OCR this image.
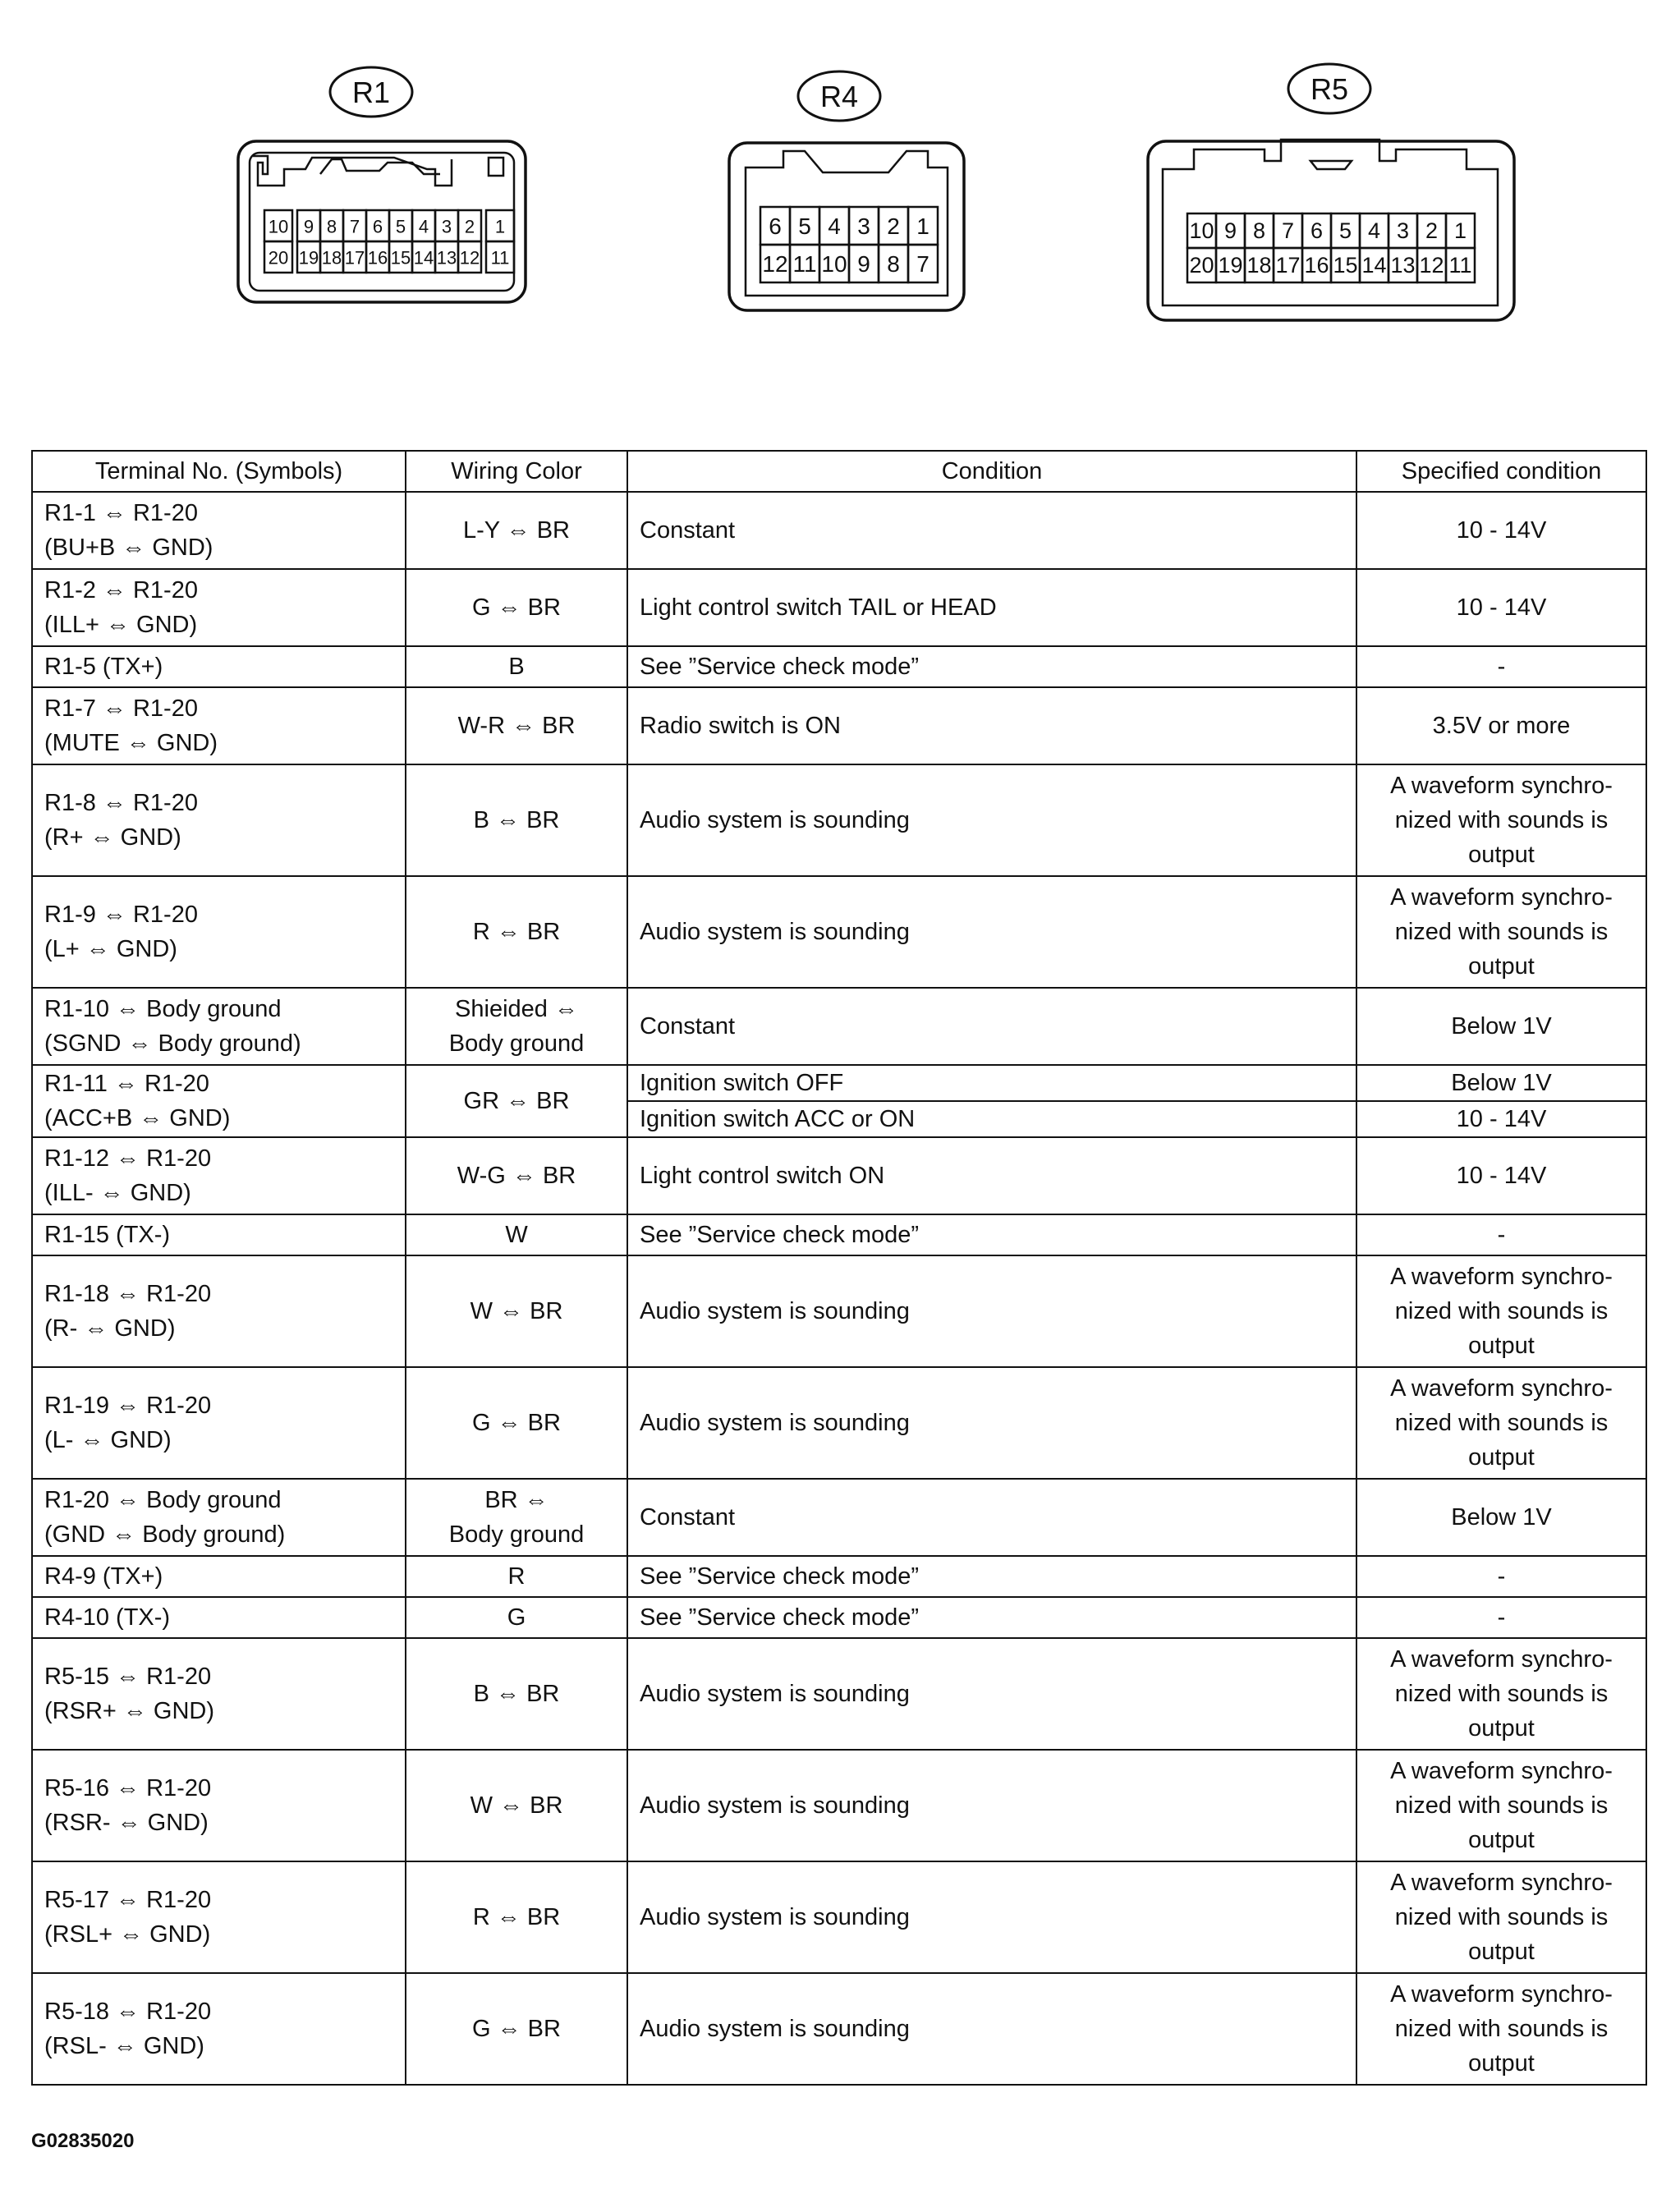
R1
10 9 8 7 6 5 4 3 2 1
20 19 18 17 16 15 14 13 12 11
R4
6 5 4 3 2 1
12 11 10 9 8 7
R5
10 9 8 7 6 5 4 3 2 1
20 19 18 17 16 15 14 13 12 11
Terminal No. (Symbols)	Wiring Color	Condition	Specified condition

R1-1 ⇔ R1-20
(BU+B ⇔ GND)	L-Y ⇔ BR	Constant	10 - 14V

R1-2 ⇔ R1-20
(ILL+ ⇔ GND)	G ⇔ BR	Light control switch TAIL or HEAD	10 - 14V

R1-5 (TX+)	B	See ”Service check mode”	-

R1-7 ⇔ R1-20
(MUTE ⇔ GND)	W-R ⇔ BR	Radio switch is ON	3.5V or more

R1-8 ⇔ R1-20
(R+ ⇔ GND)	B ⇔ BR	Audio system is sounding	A waveform synchro-
nized with sounds is
output

R1-9 ⇔ R1-20
(L+ ⇔ GND)	R ⇔ BR	Audio system is sounding	A waveform synchro-
nized with sounds is
output

R1-10 ⇔ Body ground
(SGND ⇔ Body ground)	Shieided ⇔
Body ground	Constant	Below 1V

R1-11 ⇔ R1-20
(ACC+B ⇔ GND)	GR ⇔ BR	Ignition switch OFF	Below 1V
		Ignition switch ACC or ON	10 - 14V

R1-12 ⇔ R1-20
(ILL- ⇔ GND)	W-G ⇔ BR	Light control switch ON	10 - 14V

R1-15 (TX-)	W	See ”Service check mode”	-

R1-18 ⇔ R1-20
(R- ⇔ GND)	W ⇔ BR	Audio system is sounding	A waveform synchro-
nized with sounds is
output

R1-19 ⇔ R1-20
(L- ⇔ GND)	G ⇔ BR	Audio system is sounding	A waveform synchro-
nized with sounds is
output

R1-20 ⇔ Body ground
(GND ⇔ Body ground)	BR ⇔
Body ground	Constant	Below 1V

R4-9 (TX+)	R	See ”Service check mode”	-

R4-10 (TX-)	G	See ”Service check mode”	-

R5-15 ⇔ R1-20
(RSR+ ⇔ GND)	B ⇔ BR	Audio system is sounding	A waveform synchro-
nized with sounds is
output

R5-16 ⇔ R1-20
(RSR- ⇔ GND)	W ⇔ BR	Audio system is sounding	A waveform synchro-
nized with sounds is
output

R5-17 ⇔ R1-20
(RSL+ ⇔ GND)	R ⇔ BR	Audio system is sounding	A waveform synchro-
nized with sounds is
output

R5-18 ⇔ R1-20
(RSL- ⇔ GND)	G ⇔ BR	Audio system is sounding	A waveform synchro-
nized with sounds is
output
G02835020
